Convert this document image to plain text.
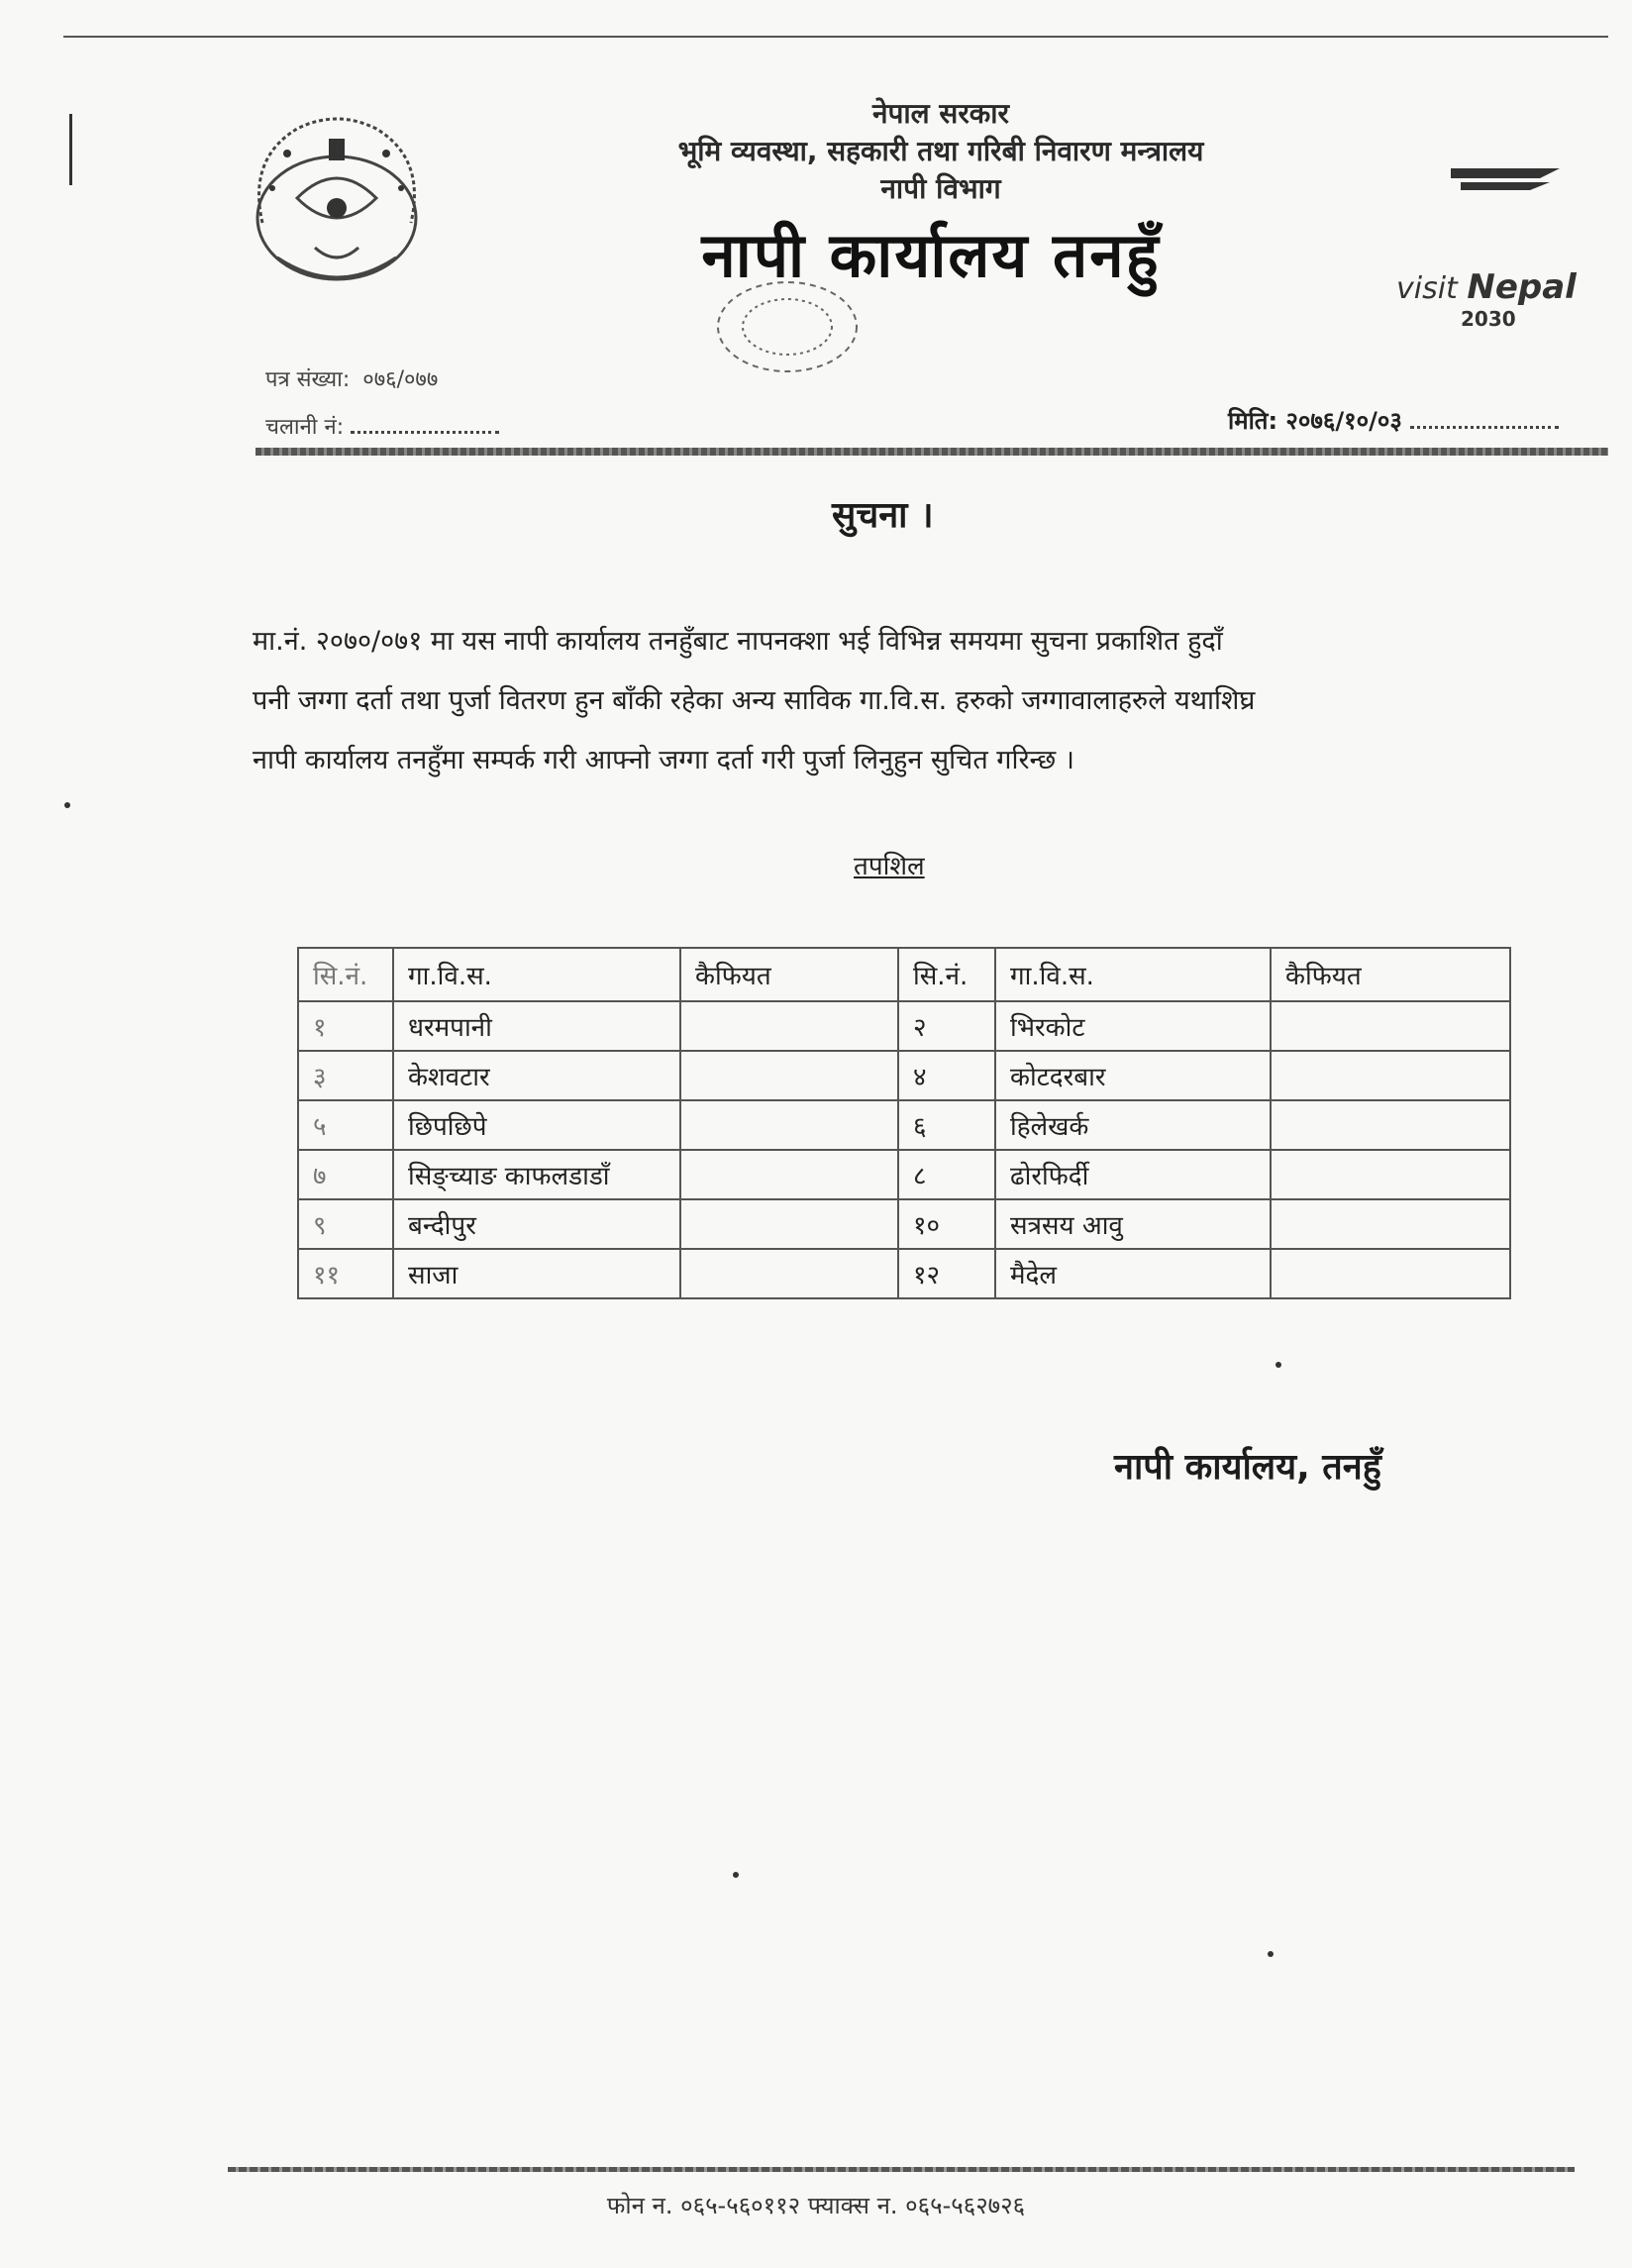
नेपाल सरकार
भूमि व्यवस्था, सहकारी तथा गरिबी निवारण मन्त्रालय
नापी विभाग
नापी कार्यालय तनहुँ	visit Nepal
2030
पत्र संख्या: ०७६/०७७
चलानी नं:	मिति: २०७६/१०/०३
सुचना ।
मा.नं. २०७०/०७१ मा यस नापी कार्यालय तनहुँबाट नापनक्शा भई विभिन्न समयमा सुचना प्रकाशित हुदाँ
पनी जग्गा दर्ता तथा पुर्जा वितरण हुन बाँकी रहेका अन्य साविक गा.वि.स. हरुको जग्गावालाहरुले यथाशिघ्र
नापी कार्यालय तनहुँमा सम्पर्क गरी आफ्नो जग्गा दर्ता गरी पुर्जा लिनुहुन सुचित गरिन्छ ।
तपशिल
सि.नं.	गा.वि.स.	कैफियत	सि.नं.	गा.वि.स.	कैफियत
१	धरमपानी		२	भिरकोट	
३	केशवटार		४	कोटदरबार	
५	छिपछिपे		६	हिलेखर्क	
७	सिङ्च्याङ काफलडाडाँ		८	ढोरफिर्दी	
९	बन्दीपुर		१०	सत्रसय आवु	
११	साजा		१२	मैदेल	
नापी कार्यालय, तनहुँ
फोन न. ०६५-५६०११२ फ्याक्स न. ०६५-५६२७२६
